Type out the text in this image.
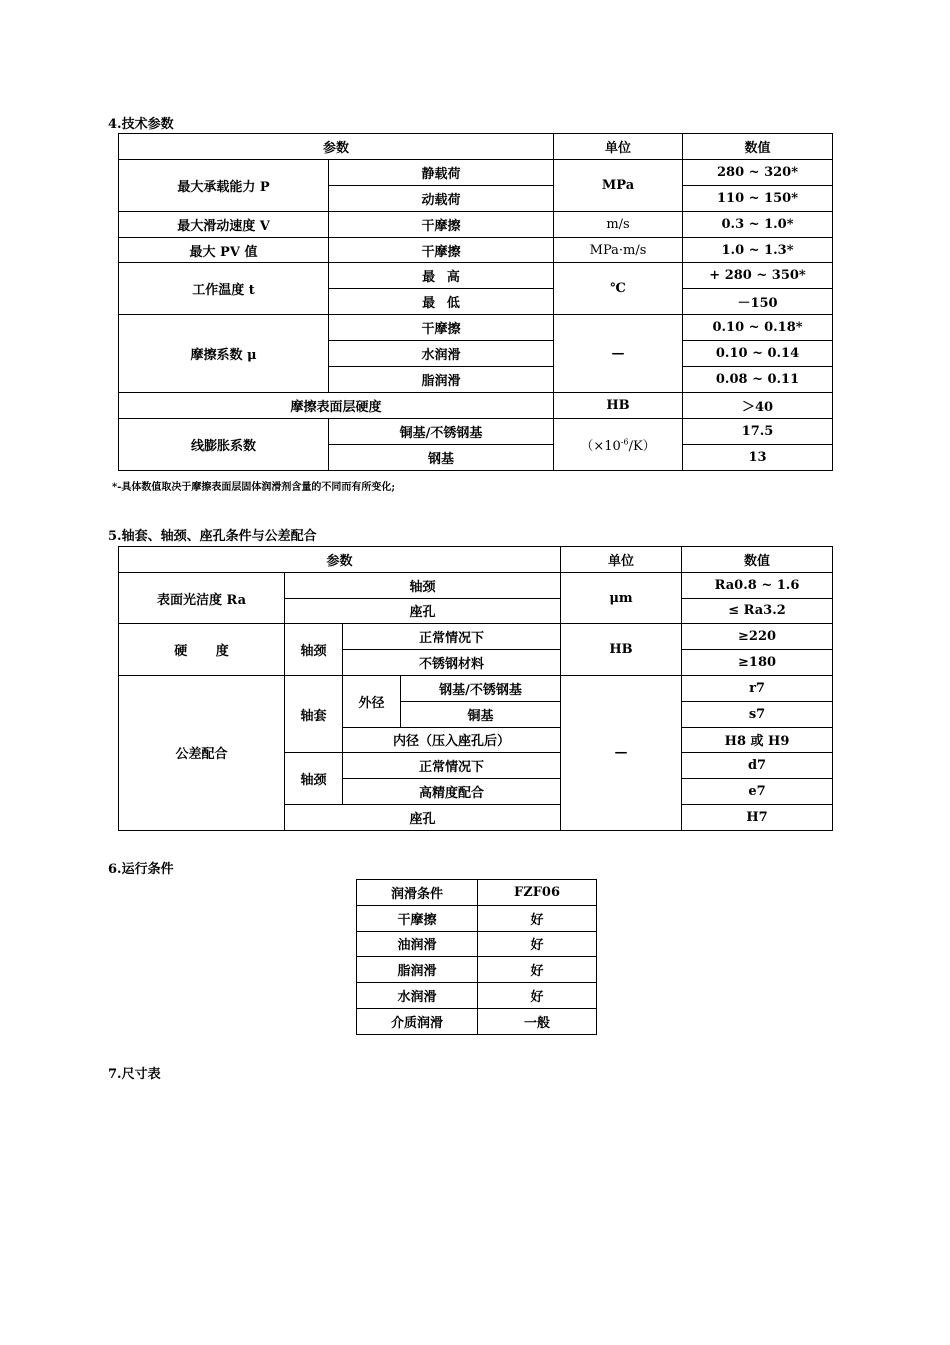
4.技术参数
参数		单位	数值
最大承载能力 P	静载荷	MPa	280 ~ 320*
	动载荷		110 ~ 150*
最大滑动速度 V	干摩擦	m/s	0.3 ~ 1.0*
最大 PV 值	干摩擦	MPa·m/s	1.0 ~ 1.3*
工作温度 t	最高	℃	+ 280 ~ 350*
	最低		－150
摩擦系数 μ	干摩擦	—	0.10 ~ 0.18*
	水润滑		0.10 ~ 0.14
	脂润滑		0.08 ~ 0.11
摩擦表面层硬度		HB	＞40
线膨胀系数	铜基/不锈钢基	$(\times 10^{-6}/K)$	17.5
	钢基		13
*-具体数值取决于摩擦表面层固体润滑剂含量的不同而有所变化;
5.轴套、轴颈、座孔条件与公差配合
参数				单位	数值
表面光洁度 Ra	轴颈			μm	Ra0.8 ~ 1.6
	座孔				≤ Ra3.2
硬度	轴颈	正常情况下		HB	≥220
		不锈钢材料			≥180
公差配合	轴套	外径	钢基/不锈钢基	—	r7
			铜基		s7
		内径（压入座孔后）			H8 或 H9
	轴颈	正常情况下			d7
		高精度配合			e7
	座孔				H7
6.运行条件
润滑条件	FZF06
干摩擦	好
油润滑	好
脂润滑	好
水润滑	好
介质润滑	一般
7.尺寸表
